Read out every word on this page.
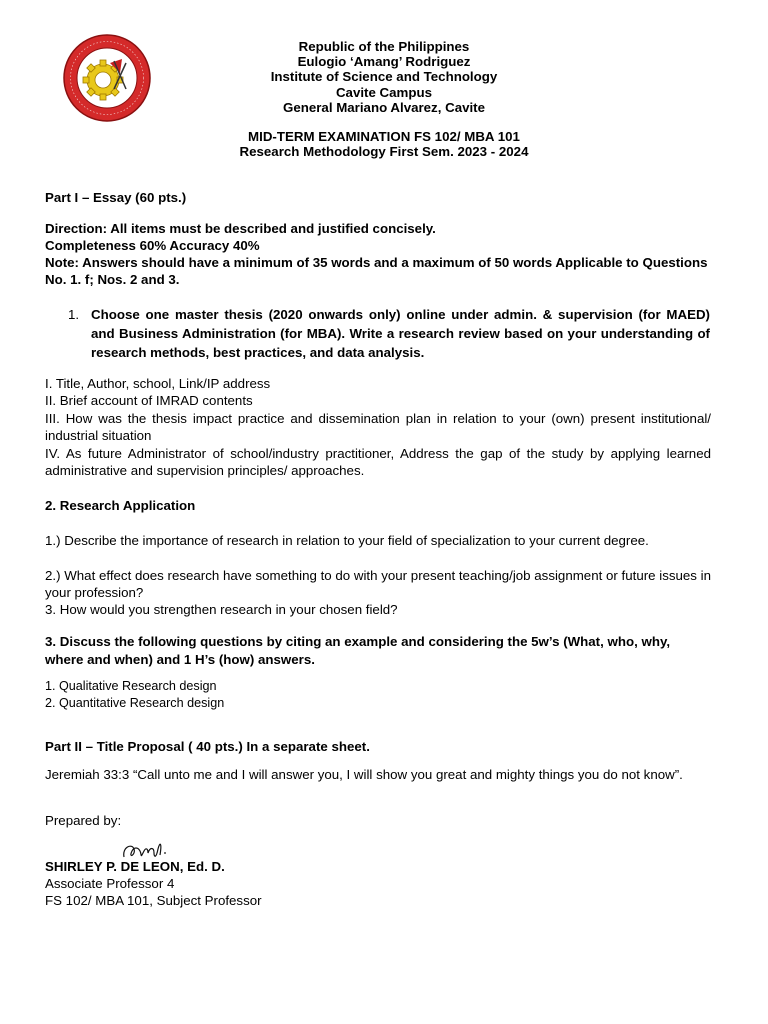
Republic of the Philippines
Eulogio ‘Amang’ Rodriguez
Institute of Science and Technology
Cavite Campus
General Mariano Alvarez, Cavite
MID-TERM EXAMINATION FS 102/ MBA 101
Research Methodology First Sem. 2023 - 2024
Part I – Essay (60 pts.)
Direction: All items must be described and justified concisely.
Completeness 60% Accuracy 40%
Note: Answers should have a minimum of 35 words and a maximum of 50 words Applicable to Questions No. 1. f; Nos. 2 and 3.
1. Choose one master thesis (2020 onwards only) online under admin. & supervision (for MAED) and Business Administration (for MBA). Write a research review based on your understanding of research methods, best practices, and data analysis.
I. Title, Author, school, Link/IP address
II. Brief account of IMRAD contents
III. How was the thesis impact practice and dissemination plan in relation to your (own) present institutional/ industrial situation
IV. As future Administrator of school/industry practitioner, Address the gap of the study by applying learned administrative and supervision principles/ approaches.
2. Research Application
1.) Describe the importance of research in relation to your field of specialization to your current degree.
2.) What effect does research have something to do with your present teaching/job assignment or future issues in your profession?
3. How would you strengthen research in your chosen field?
3. Discuss the following questions by citing an example and considering the 5w’s (What, who, why, where and when) and 1 H’s (how) answers.
1. Qualitative Research design
2. Quantitative Research design
Part II – Title Proposal ( 40 pts.) In a separate sheet.
Jeremiah 33:3 “Call unto me and I will answer you, I will show you great and mighty things you do not know”.
Prepared by:
SHIRLEY P. DE LEON, Ed. D.
Associate Professor 4
FS 102/ MBA 101, Subject Professor
